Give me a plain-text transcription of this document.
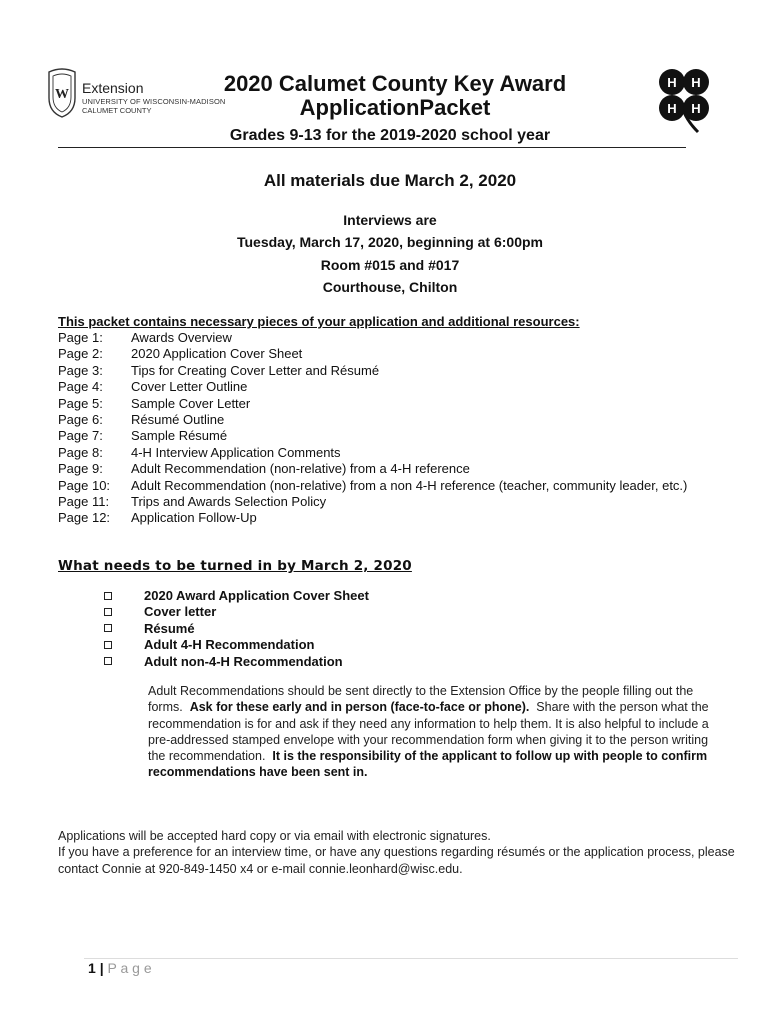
W Extension
UNIVERSITY OF WISCONSIN-MADISON
CALUMET COUNTY
2020 Calumet County Key Award
ApplicationPacket
H H
H H
Grades 9-13 for the 2019-2020 school year
All materials due March 2, 2020
Interviews are
Tuesday, March 17, 2020, beginning at 6:00pm
Room #015 and #017
Courthouse, Chilton
This packet contains necessary pieces of your application and additional resources:
Page 1: Awards Overview
Page 2: 2020 Application Cover Sheet
Page 3: Tips for Creating Cover Letter and Résumé
Page 4: Cover Letter Outline
Page 5: Sample Cover Letter
Page 6: Résumé Outline
Page 7: Sample Résumé
Page 8: 4-H Interview Application Comments
Page 9: Adult Recommendation (non-relative) from a 4-H reference
Page 10: Adult Recommendation (non-relative) from a non 4-H reference (teacher, community leader, etc.)
Page 11: Trips and Awards Selection Policy
Page 12: Application Follow-Up
What needs to be turned in by March 2, 2020
2020 Award Application Cover Sheet
Cover letter
Résumé
Adult 4-H Recommendation
Adult non-4-H Recommendation
Adult Recommendations should be sent directly to the Extension Office by the people filling out the forms. Ask for these early and in person (face-to-face or phone). Share with the person what the recommendation is for and ask if they need any information to help them. It is also helpful to include a pre-addressed stamped envelope with your recommendation form when giving it to the person writing the recommendation. It is the responsibility of the applicant to follow up with people to confirm recommendations have been sent in.
Applications will be accepted hard copy or via email with electronic signatures.
If you have a preference for an interview time, or have any questions regarding résumés or the application process, please contact Connie at 920-849-1450 x4 or e-mail connie.leonhard@wisc.edu.
1 | P a g e
